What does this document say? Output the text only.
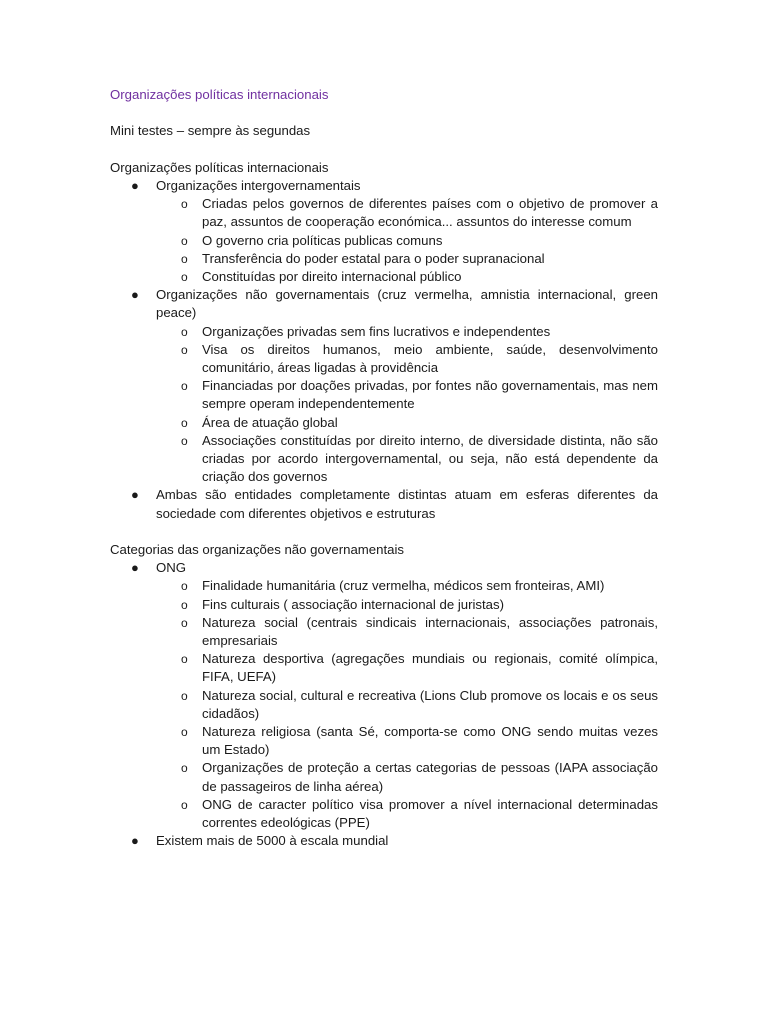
Organizações políticas internacionais

Mini testes – sempre às segundas

Organizações políticas internacionais

● Organizações intergovernamentais
o Criadas pelos governos de diferentes países com o objetivo de promover a paz, assuntos de cooperação económica... assuntos do interesse comum
o O governo cria políticas publicas comuns
o Transferência do poder estatal para o poder supranacional
o Constituídas por direito internacional público
● Organizações não governamentais (cruz vermelha, amnistia internacional, green peace)
o Organizações privadas sem fins lucrativos e independentes
o Visa os direitos humanos, meio ambiente, saúde, desenvolvimento comunitário, áreas ligadas à providência
o Financiadas por doações privadas, por fontes não governamentais, mas nem sempre operam independentemente
o Área de atuação global
o Associações constituídas por direito interno, de diversidade distinta, não são criadas por acordo intergovernamental, ou seja, não está dependente da criação dos governos
● Ambas são entidades completamente distintas atuam em esferas diferentes da sociedade com diferentes objetivos e estruturas

Categorias das organizações não governamentais

● ONG
o Finalidade humanitária (cruz vermelha, médicos sem fronteiras, AMI)
o Fins culturais ( associação internacional de juristas)
o Natureza social (centrais sindicais internacionais, associações patronais, empresariais
o Natureza desportiva (agregações mundiais ou regionais, comité olímpica, FIFA, UEFA)
o Natureza social, cultural e recreativa (Lions Club promove os locais e os seus cidadãos)
o Natureza religiosa (santa Sé, comporta-se como ONG sendo muitas vezes um Estado)
o Organizações de proteção a certas categorias de pessoas (IAPA associação de passageiros de linha aérea)
o ONG de caracter político visa promover a nível internacional determinadas correntes edeológicas (PPE)
● Existem mais de 5000 à escala mundial
